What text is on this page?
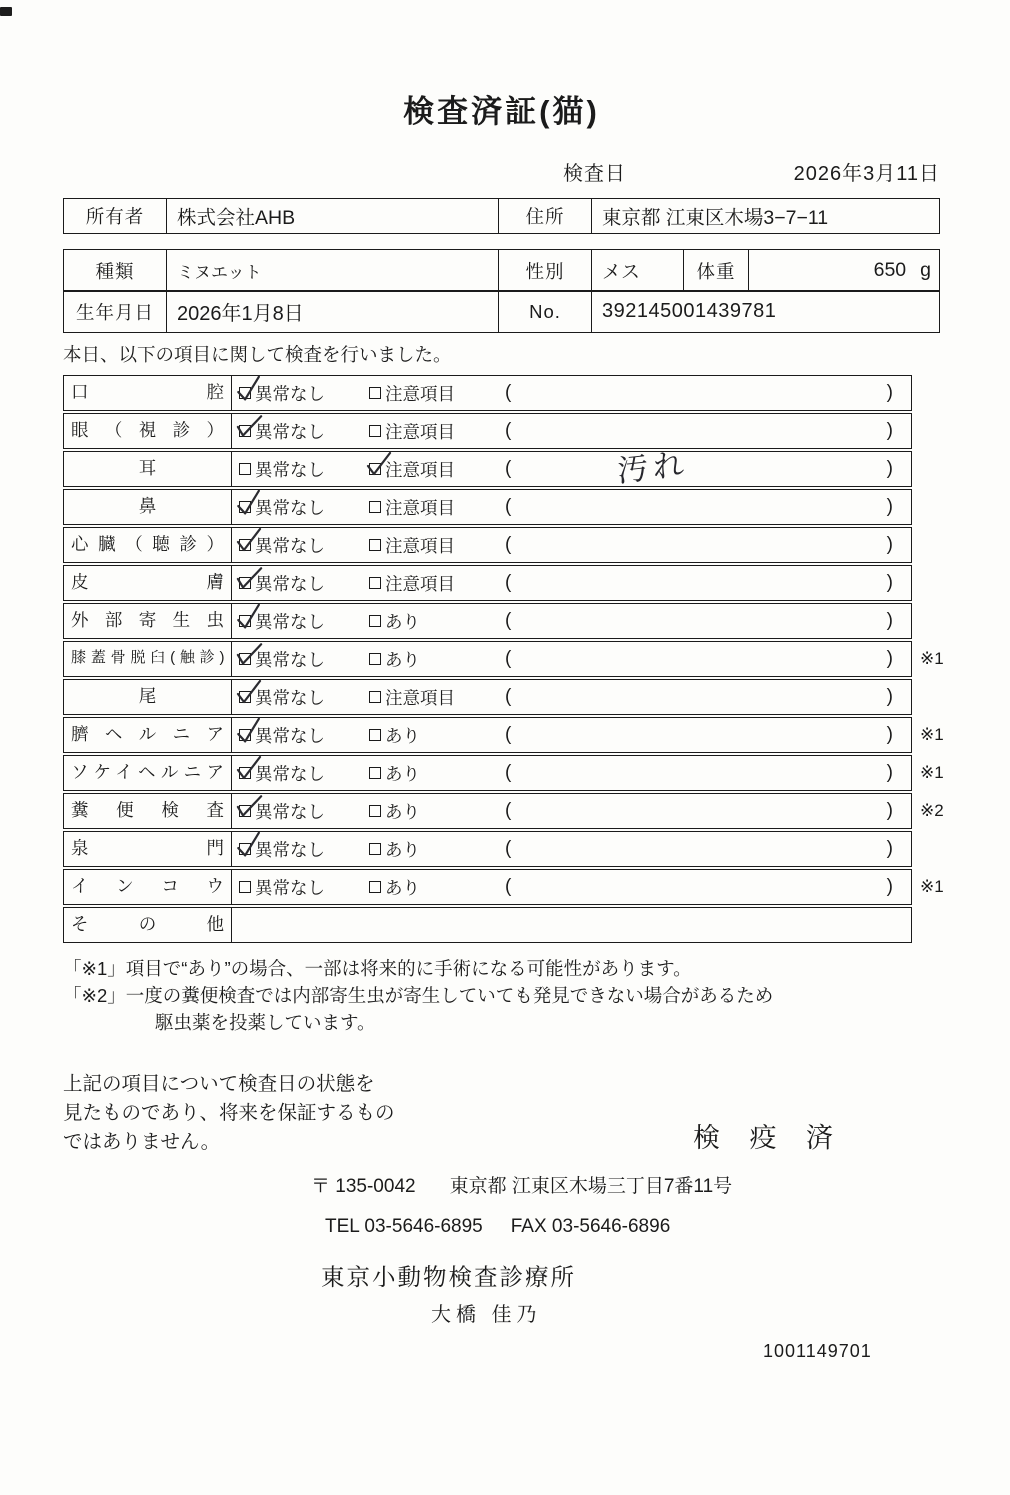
検査済証(猫)
検査日	2026年3月11日
所有者	株式会社AHB	住所	東京都 江東区木場3−7−11
種類	ミヌエット	性別	メス	体重	650 g
生年月日	2026年1月8日	No.	392145001439781
本日、以下の項目に関して検査を行いました。
口腔	異常なし	注意項目	(	)
眼（視診）	異常なし	注意項目	(	)
耳	異常なし	注意項目	(	汚れ	)
鼻	異常なし	注意項目	(	)
心臓（聴診）	異常なし	注意項目	(	)
皮膚	異常なし	注意項目	(	)
外部寄生虫	異常なし	あり	(	)
膝蓋骨脱臼(触診)	異常なし	あり	(	) ※1
尾	異常なし	注意項目	(	)
臍ヘルニア	異常なし	あり	(	) ※1
ソケイヘルニア	異常なし	あり	(	) ※1
糞便検査	異常なし	あり	(	) ※2
泉門	異常なし	あり	(	)
インコウ	異常なし	あり	(	) ※1
その他
「※1」項目で“あり”の場合、一部は将来的に手術になる可能性があります。
「※2」一度の糞便検査では内部寄生虫が寄生していても発見できない場合があるため
駆虫薬を投薬しています。
上記の項目について検査日の状態を
見たものであり、将来を保証するもの
ではありません。	検 疫 済
〒 135-0042 東京都 江東区木場三丁目7番11号
TEL 03-5646-6895 FAX 03-5646-6896
東京小動物検査診療所
大橋 佳乃
1001149701
